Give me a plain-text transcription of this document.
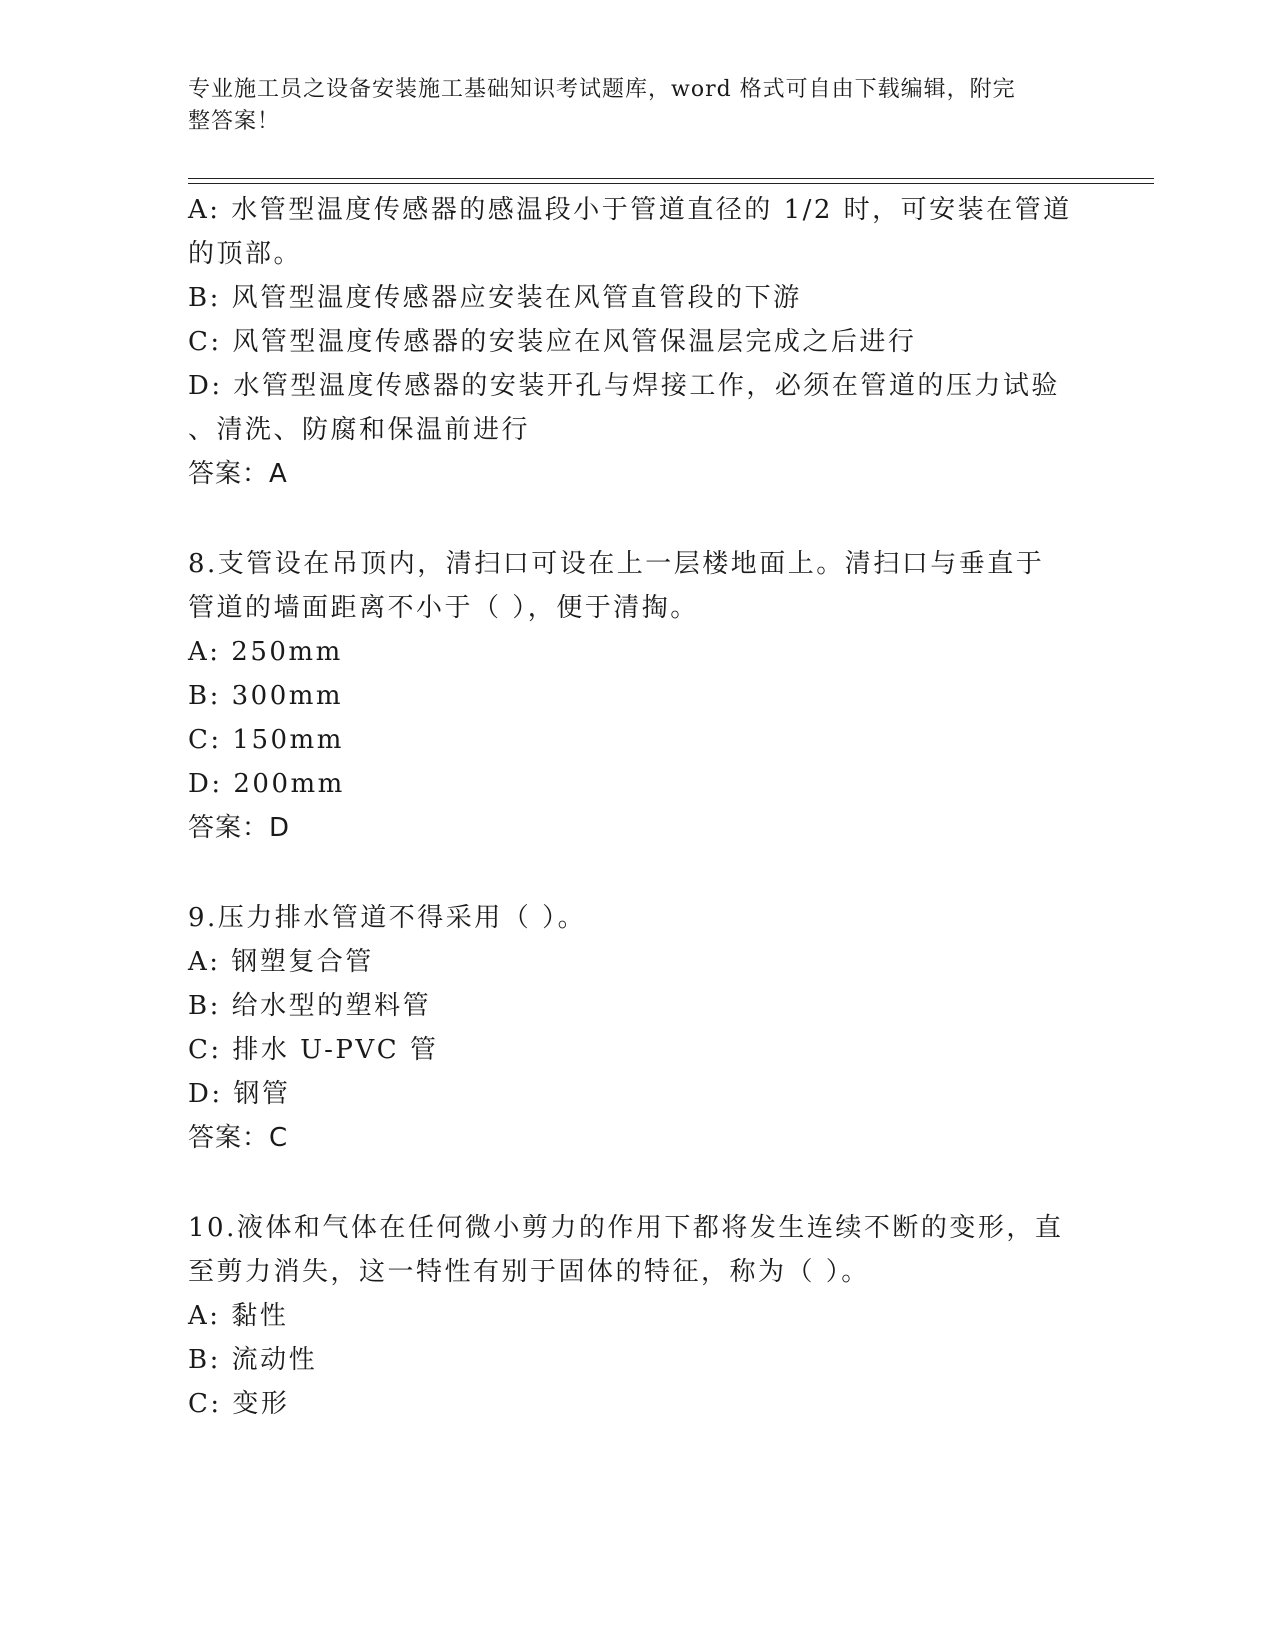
专业施工员之设备安装施工基础知识考试题库，word 格式可自由下载编辑，附完
整答案！
A: 水管型温度传感器的感温段小于管道直径的 1/2 时，可安装在管道
的顶部。
B: 风管型温度传感器应安装在风管直管段的下游
C: 风管型温度传感器的安装应在风管保温层完成之后进行
D: 水管型温度传感器的安装开孔与焊接工作，必须在管道的压力试验
、清洗、防腐和保温前进行
答案：A
8.支管设在吊顶内，清扫口可设在上一层楼地面上。清扫口与垂直于
管道的墙面距离不小于（ ），便于清掏。
A: 250mm
B: 300mm
C: 150mm
D: 200mm
答案：D
9.压力排水管道不得采用（ ）。
A: 钢塑复合管
B: 给水型的塑料管
C: 排水 U-PVC 管
D: 钢管
答案：C
10.液体和气体在任何微小剪力的作用下都将发生连续不断的变形，直
至剪力消失，这一特性有别于固体的特征，称为（ ）。
A: 黏性
B: 流动性
C: 变形
